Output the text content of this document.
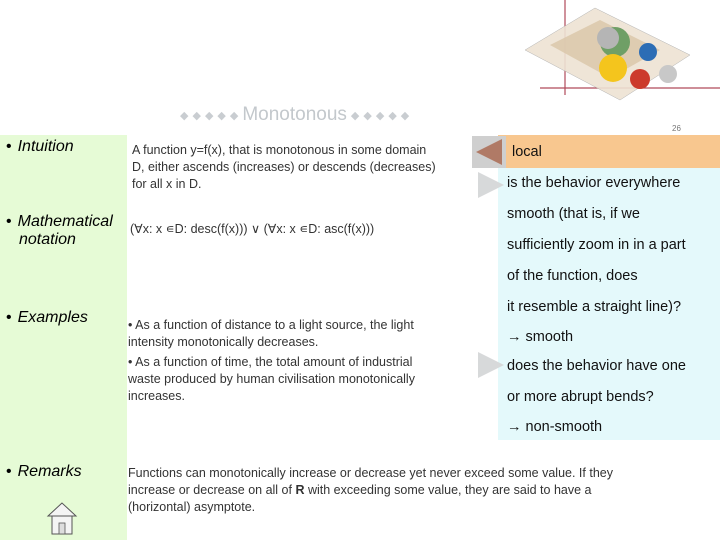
◆ ◆ ◆ ◆ ◆ Monotonous ◆ ◆ ◆ ◆ ◆
26
• Intuition
• Mathematical
notation
• Examples
• Remarks
A function y=f(x), that is monotonous in some domain
D, either ascends (increases) or descends (decreases)
for all x in D.
(∀x: x ∊D: desc(f(x))) ∨ (∀x: x ∊D: asc(f(x)))
• As a function of distance to a light source, the light
intensity monotonically decreases.
• As a function of time, the total amount of industrial
waste produced by human civilisation monotonically
increases.
Functions can monotonically increase or decrease yet never exceed some value. If they
increase or decrease on all of R with exceeding some value, they are said to have a
(horizontal) asymptote.
local
is the behavior everywhere
smooth (that is, if we
sufficiently zoom in in a part
of the function, does
it resemble a straight line)?
→ smooth
does the behavior have one
or more abrupt bends?
→ non-smooth
